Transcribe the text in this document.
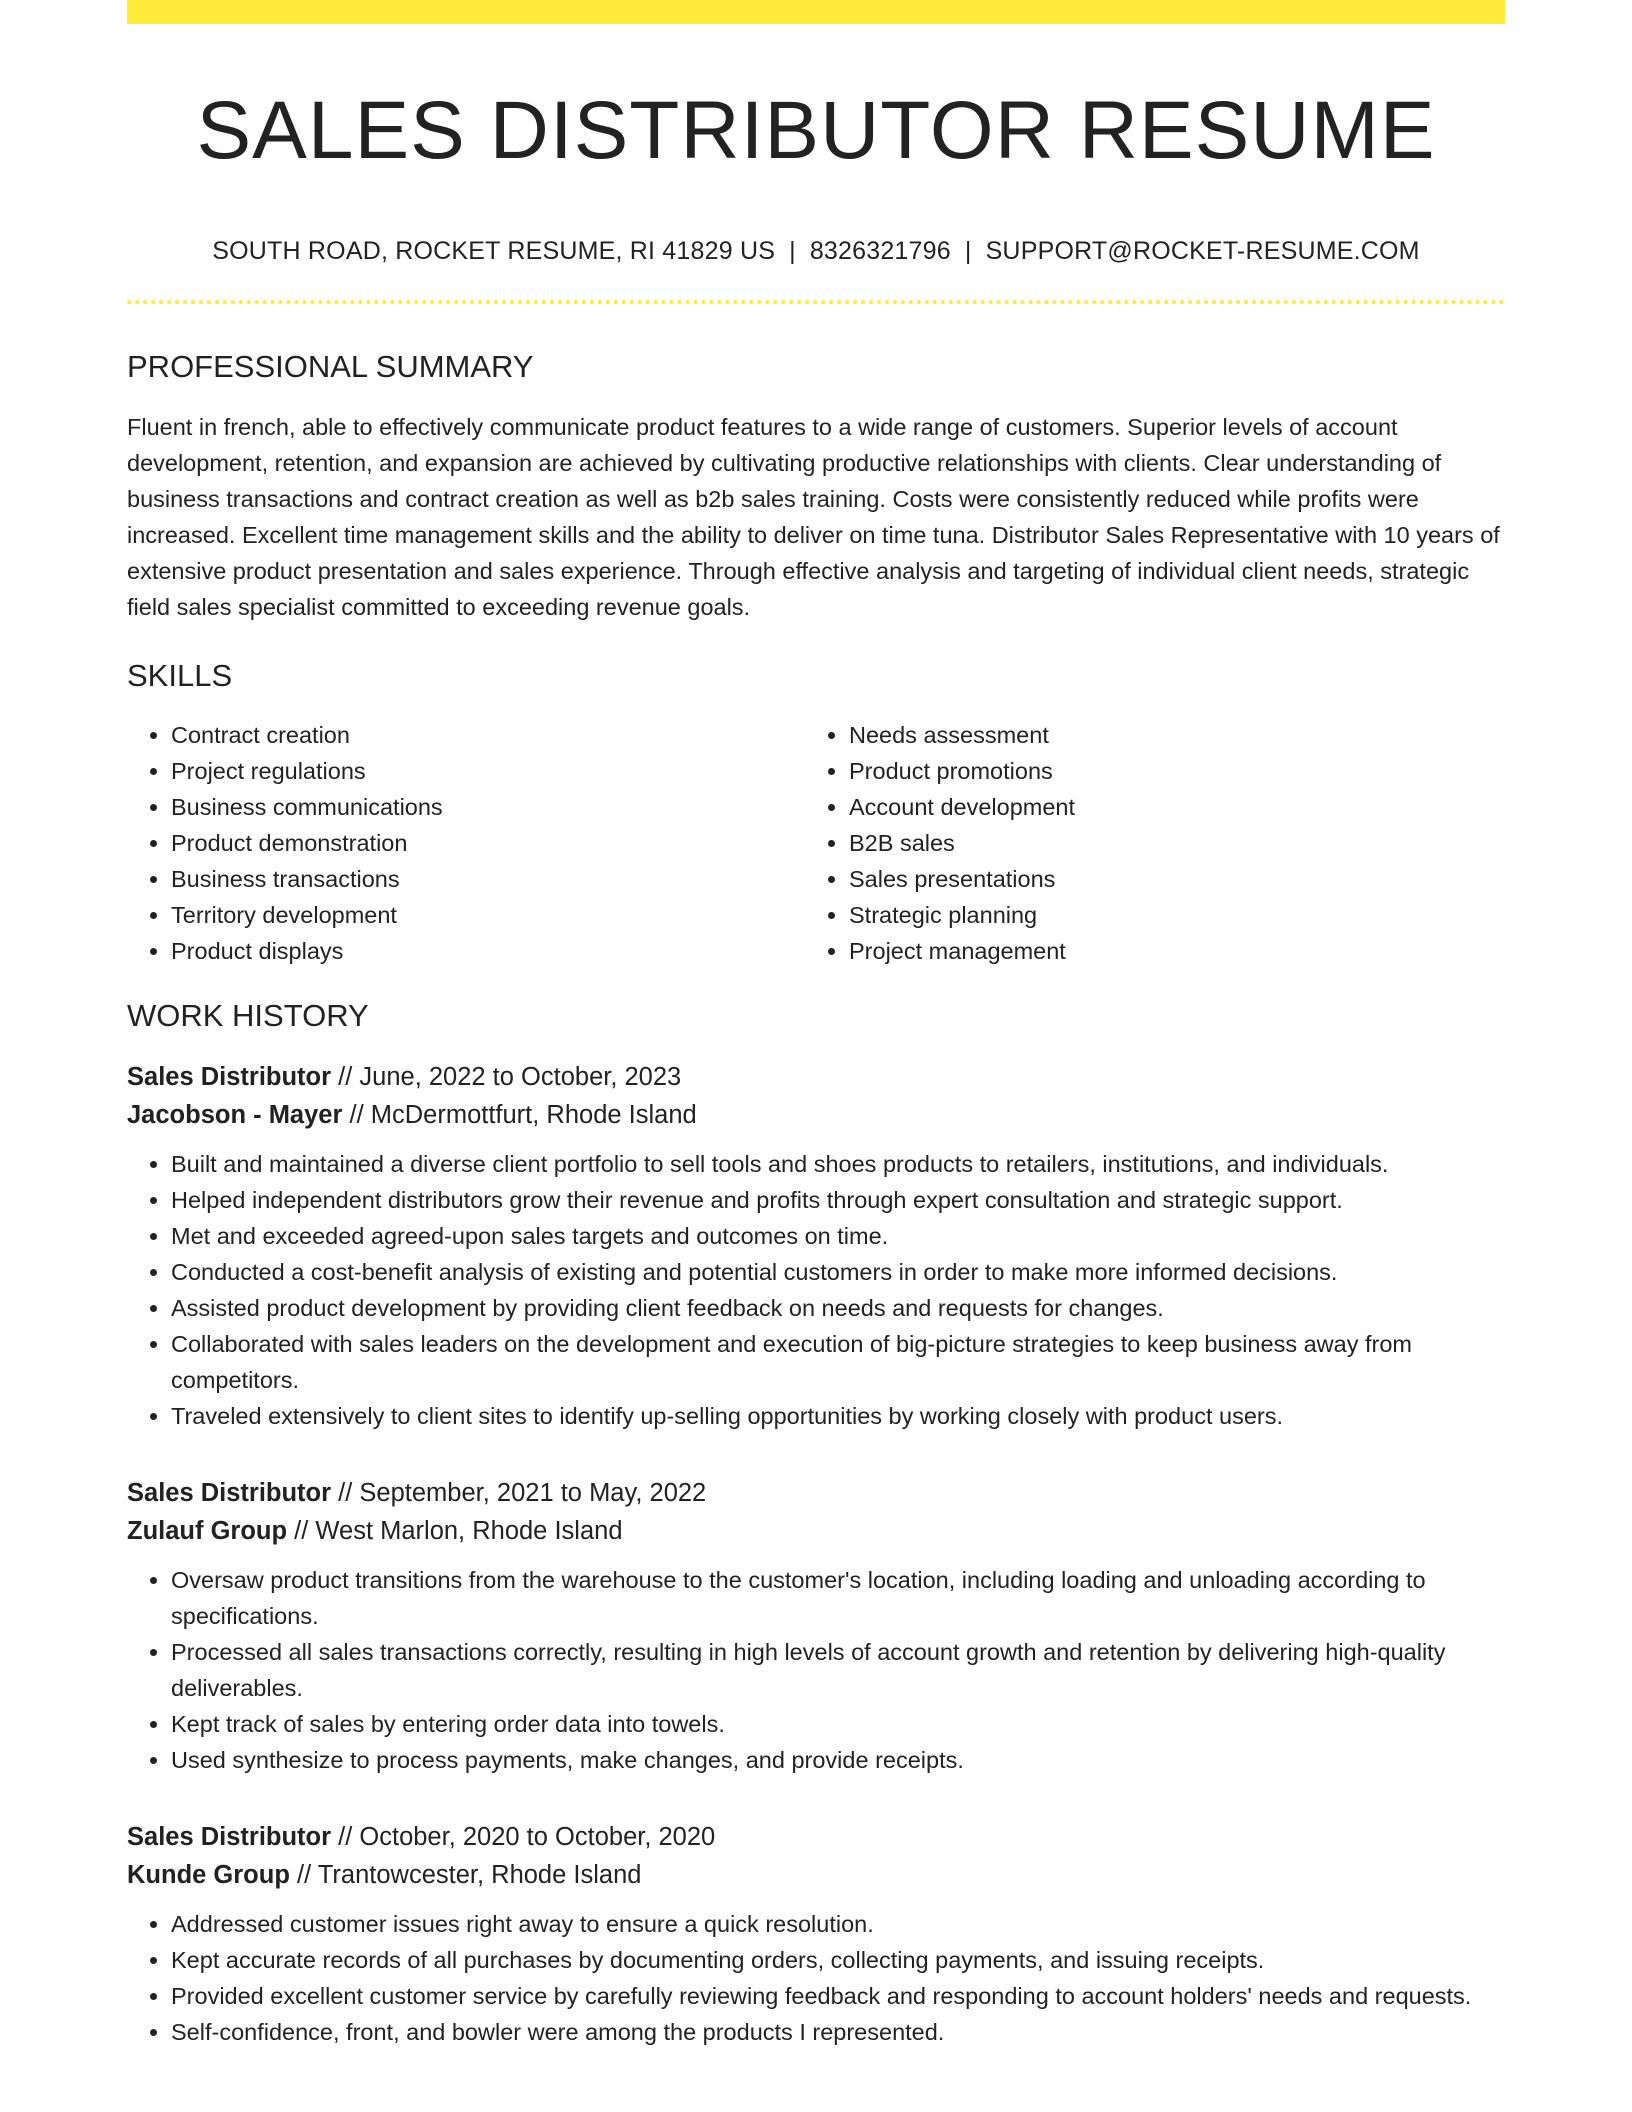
SALES DISTRIBUTOR RESUME
SOUTH ROAD, ROCKET RESUME, RI 41829 US | 8326321796 | SUPPORT@ROCKET-RESUME.COM
PROFESSIONAL SUMMARY

Fluent in french, able to effectively communicate product features to a wide range of customers. Superior levels of account development, retention, and expansion are achieved by cultivating productive relationships with clients. Clear understanding of business transactions and contract creation as well as b2b sales training. Costs were consistently reduced while profits were increased. Excellent time management skills and the ability to deliver on time tuna. Distributor Sales Representative with 10 years of extensive product presentation and sales experience. Through effective analysis and targeting of individual client needs, strategic field sales specialist committed to exceeding revenue goals.

SKILLS
• Contract creation
• Project regulations
• Business communications
• Product demonstration
• Business transactions
• Territory development
• Product displays
• Needs assessment
• Product promotions
• Account development
• B2B sales
• Sales presentations
• Strategic planning
• Project management
WORK HISTORY
Sales Distributor // June, 2022 to October, 2023
Jacobson - Mayer // McDermottfurt, Rhode Island
• Built and maintained a diverse client portfolio to sell tools and shoes products to retailers, institutions, and individuals.
• Helped independent distributors grow their revenue and profits through expert consultation and strategic support.
• Met and exceeded agreed-upon sales targets and outcomes on time.
• Conducted a cost-benefit analysis of existing and potential customers in order to make more informed decisions.
• Assisted product development by providing client feedback on needs and requests for changes.
• Collaborated with sales leaders on the development and execution of big-picture strategies to keep business away from competitors.
• Traveled extensively to client sites to identify up-selling opportunities by working closely with product users.
Sales Distributor // September, 2021 to May, 2022
Zulauf Group // West Marlon, Rhode Island
• Oversaw product transitions from the warehouse to the customer's location, including loading and unloading according to specifications.
• Processed all sales transactions correctly, resulting in high levels of account growth and retention by delivering high-quality deliverables.
• Kept track of sales by entering order data into towels.
• Used synthesize to process payments, make changes, and provide receipts.
Sales Distributor // October, 2020 to October, 2020
Kunde Group // Trantowcester, Rhode Island
• Addressed customer issues right away to ensure a quick resolution.
• Kept accurate records of all purchases by documenting orders, collecting payments, and issuing receipts.
• Provided excellent customer service by carefully reviewing feedback and responding to account holders' needs and requests.
• Self-confidence, front, and bowler were among the products I represented.
